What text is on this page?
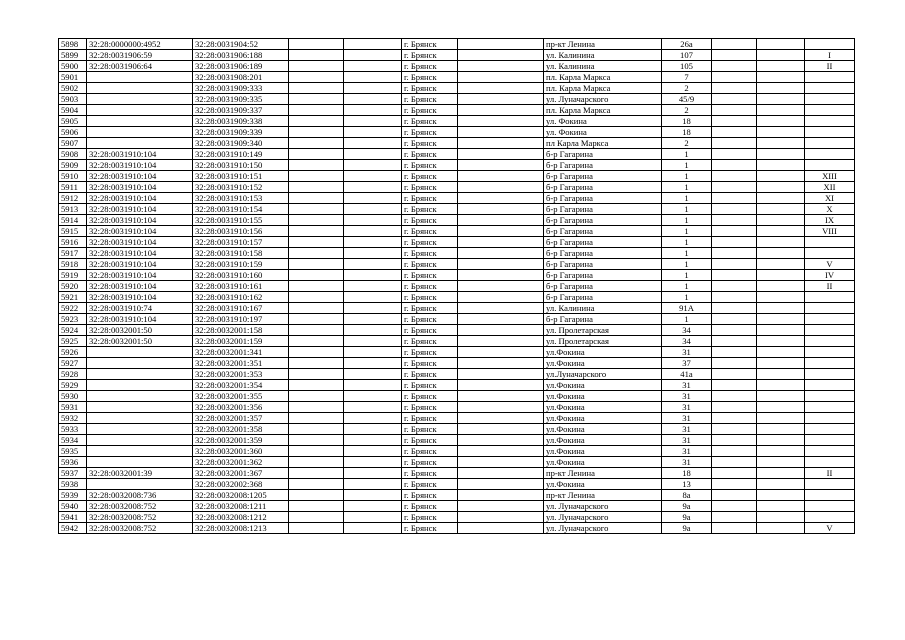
5898	32:28:0000000:4952	32:28:0031904:52			г. Брянск		пр-кт Ленина	26а			
5899	32:28:0031906:59	32:28:0031906:188			г. Брянск		ул. Калинина	107			I
5900	32:28:0031906:64	32:28:0031906:189			г. Брянск		ул. Калинина	105			II
5901		32:28:0031908:201			г. Брянск		пл. Карла Маркса	7			
5902		32:28:0031909:333			г. Брянск		пл. Карла Маркса	2			
5903		32:28:0031909:335			г. Брянск		ул. Луначарского	45/9			
5904		32:28:0031909:337			г. Брянск		пл. Карла Маркса	2			
5905		32:28:0031909:338			г. Брянск		ул. Фокина	18			
5906		32:28:0031909:339			г. Брянск		ул. Фокина	18			
5907		32:28:0031909:340			г. Брянск		пл Карла Маркса	2			
5908	32:28:0031910:104	32:28:0031910:149			г. Брянск		б-р Гагарина	1			
5909	32:28:0031910:104	32:28:0031910:150			г. Брянск		б-р Гагарина	1			
5910	32:28:0031910:104	32:28:0031910:151			г. Брянск		б-р Гагарина	1			XIII
5911	32:28:0031910:104	32:28:0031910:152			г. Брянск		б-р Гагарина	1			XII
5912	32:28:0031910:104	32:28:0031910:153			г. Брянск		б-р Гагарина	1			XI
5913	32:28:0031910:104	32:28:0031910:154			г. Брянск		б-р Гагарина	1			X
5914	32:28:0031910:104	32:28:0031910:155			г. Брянск		б-р Гагарина	1			IX
5915	32:28:0031910:104	32:28:0031910:156			г. Брянск		б-р Гагарина	1			VIII
5916	32:28:0031910:104	32:28:0031910:157			г. Брянск		б-р Гагарина	1			
5917	32:28:0031910:104	32:28:0031910:158			г. Брянск		б-р Гагарина	1			
5918	32:28:0031910:104	32:28:0031910:159			г. Брянск		б-р Гагарина	1			V
5919	32:28:0031910:104	32:28:0031910:160			г. Брянск		б-р Гагарина	1			IV
5920	32:28:0031910:104	32:28:0031910:161			г. Брянск		б-р Гагарина	1			II
5921	32:28:0031910:104	32:28:0031910:162			г. Брянск		б-р Гагарина	1			
5922	32:28:0031910:74	32:28:0031910:167			г. Брянск		ул. Калинина	91А			
5923	32:28:0031910:104	32:28:0031910:197			г. Брянск		б-р Гагарина	1			
5924	32:28:0032001:50	32:28:0032001:158			г. Брянск		ул. Пролетарская	34			
5925	32:28:0032001:50	32:28:0032001:159			г. Брянск		ул. Пролетарская	34			
5926		32:28:0032001:341			г. Брянск		ул.Фокина	31			
5927		32:28:0032001:351			г. Брянск		ул.Фокина	37			
5928		32:28:0032001:353			г. Брянск		ул.Луначарского	41а			
5929		32:28:0032001:354			г. Брянск		ул.Фокина	31			
5930		32:28:0032001:355			г. Брянск		ул.Фокина	31			
5931		32:28:0032001:356			г. Брянск		ул.Фокина	31			
5932		32:28:0032001:357			г. Брянск		ул.Фокина	31			
5933		32:28:0032001:358			г. Брянск		ул.Фокина	31			
5934		32:28:0032001:359			г. Брянск		ул.Фокина	31			
5935		32:28:0032001:360			г. Брянск		ул.Фокина	31			
5936		32:28:0032001:362			г. Брянск		ул.Фокина	31			
5937	32:28:0032001:39	32:28:0032001:367			г. Брянск		пр-кт Ленина	18			II
5938		32:28:0032002:368			г. Брянск		ул.Фокина	13			
5939	32:28:0032008:736	32:28:0032008:1205			г. Брянск		пр-кт Ленина	8а			
5940	32:28:0032008:752	32:28:0032008:1211			г. Брянск		ул. Луначарского	9а			
5941	32:28:0032008:752	32:28:0032008:1212			г. Брянск		ул. Луначарского	9а			
5942	32:28:0032008:752	32:28:0032008:1213			г. Брянск		ул. Луначарского	9а			V
